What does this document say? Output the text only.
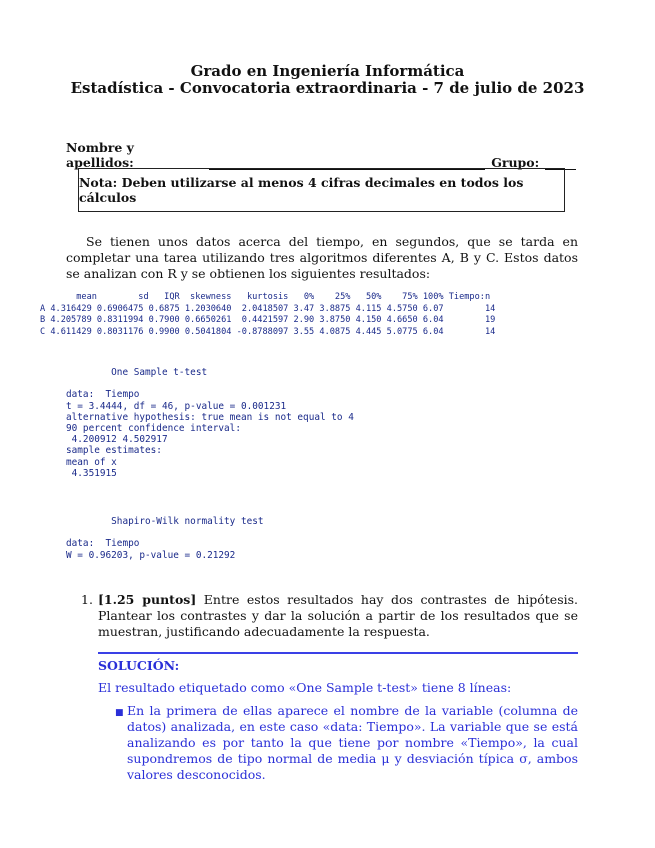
Grado en Ingeniería Informática
Estadística - Convocatoria extraordinaria - 7 de julio de 2023
Nombre y apellidos:	Grupo:
Nota: Deben utilizarse al menos 4 cifras decimales en todos los cálculos
Se tienen unos datos acerca del tiempo, en segundos, que se tarda en completar una tarea utilizando tres algoritmos diferentes A, B y C. Estos datos se analizan con R y se obtienen los siguientes resultados:
mean        sd   IQR  skewness   kurtosis   0%    25%   50%    75% 100% Tiempo:n
A 4.316429 0.6906475 0.6875 1.2030640  2.0418507 3.47 3.8875 4.115 4.5750 6.07        14
B 4.205789 0.8311994 0.7900 0.6650261  0.4421597 2.90 3.8750 4.150 4.6650 6.04        19
C 4.611429 0.8031176 0.9900 0.5041804 -0.8788097 3.55 4.0875 4.445 5.0775 6.04        14
One Sample t-test

data:  Tiempo
t = 3.4444, df = 46, p-value = 0.001231
alternative hypothesis: true mean is not equal to 4
90 percent confidence interval:
4.200912 4.502917
sample estimates:
mean of x
4.351915
Shapiro-Wilk normality test

data:  Tiempo
W = 0.96203, p-value = 0.21292
1. [1.25 puntos] Entre estos resultados hay dos contrastes de hipótesis. Plantear los contrastes y dar la solución a partir de los resultados que se muestran, justificando adecuadamente la respuesta.
SOLUCIÓN:
El resultado etiquetado como «One Sample t-test» tiene 8 líneas:
■ En la primera de ellas aparece el nombre de la variable (columna de datos) analizada, en este caso «data: Tiempo». La variable que se está analizando es por tanto la que tiene por nombre «Tiempo», la cual supondremos de tipo normal de media μ y desviación típica σ, ambos valores desconocidos.
